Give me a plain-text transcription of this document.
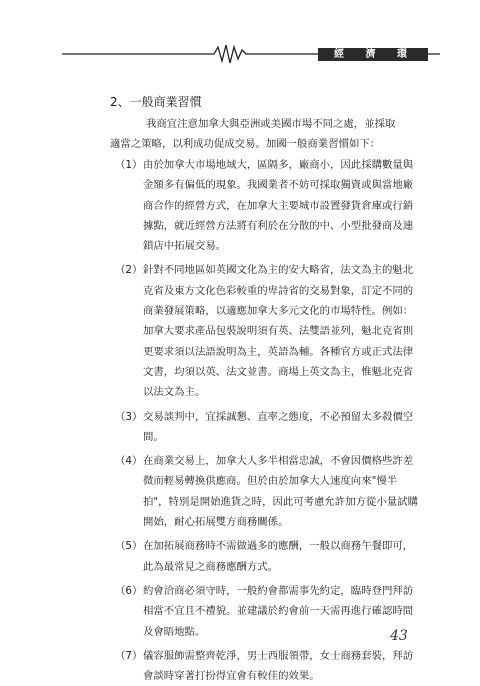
經 濟 環 境
2、一般商業習慣
我商宜注意加拿大與亞洲或美國市場不同之處，並採取適當之策略，以利成功促成交易。加國一般商業習慣如下：
（1） 由於加拿大市場地域大，區隔多，廠商小，因此採購數量與金額多有偏低的現象。我國業者不妨可採取獨資或與當地廠商合作的經營方式，在加拿大主要城市設置發貨倉庫或行銷據點，就近經營方法將有利於在分散的中、小型批發商及連鎖店中拓展交易。
（2） 針對不同地區如英國文化為主的安大略省，法文為主的魁北克省及東方文化色彩較重的卑詩省的交易對象，訂定不同的商業發展策略，以適應加拿大多元文化的市場特性。例如：加拿大要求產品包裝說明須有英、法雙語並列，魁北克省則更要求須以法語說明為主，英語為輔。各種官方或正式法律文書，均須以英、法文並書。商場上英文為主，惟魁北克省以法文為主。
（3） 交易談判中，宜採誠懇、直率之態度，不必預留太多殺價空間。
（4） 在商業交易上，加拿大人多半相當忠誠，不會因價格些許差微而輕易轉換供應商。但於由於加拿大人速度向來"慢半拍"，特別是開始進貨之時，因此可考慮允許加方從小量試購開始，耐心拓展雙方商務關係。
（5） 在加拓展商務時不需做過多的應酬，一般以商務午餐即可，此為最常見之商務應酬方式。
（6） 約會洽商必須守時，一般約會都需事先約定，臨時登門拜訪相當不宜且不禮貌。並建議於約會前一天需再進行確認時間及會晤地點。
（7） 儀容服飾需整齊乾淨，男士西服領帶，女士商務套裝，拜訪會談時穿著打扮得宜會有較佳的效果。
43
